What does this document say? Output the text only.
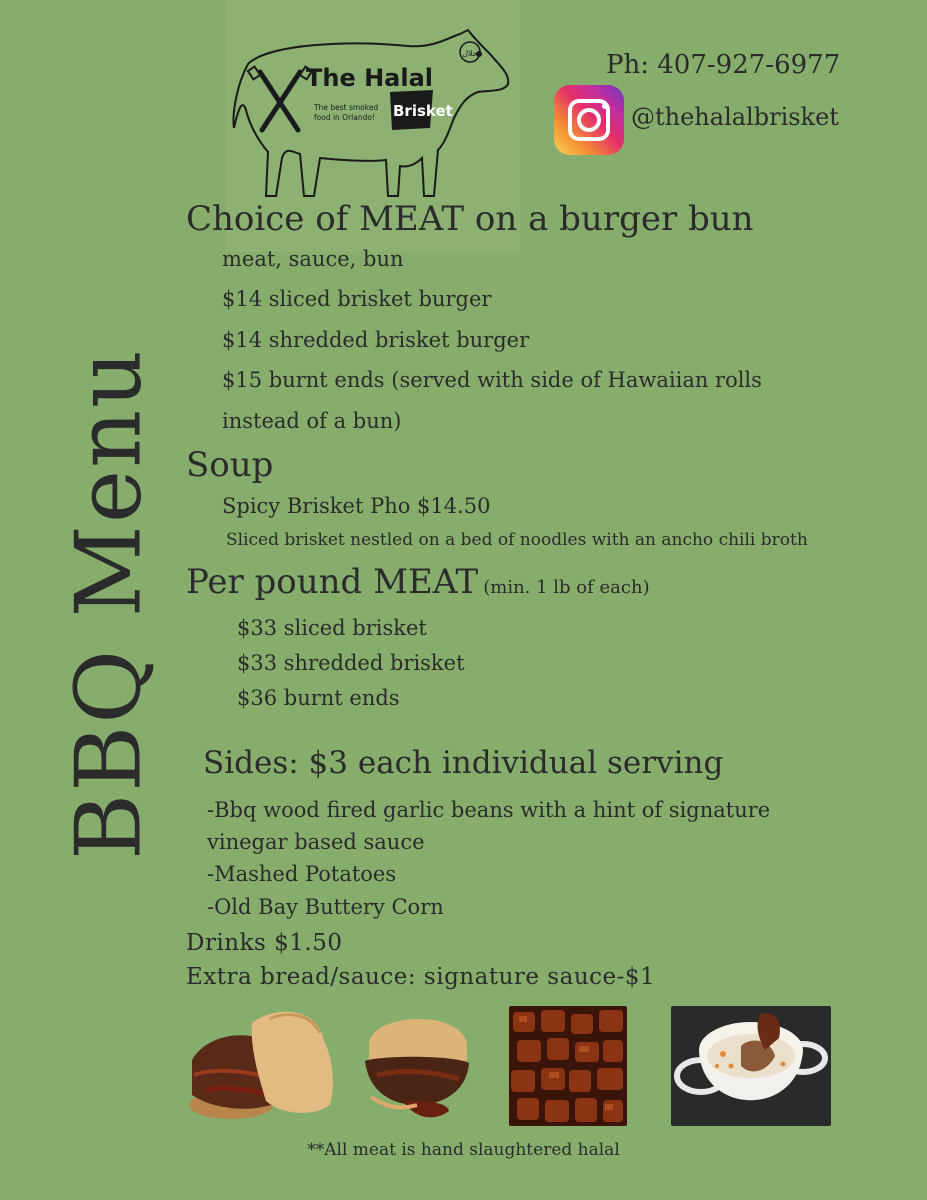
حلال
The Halal
Brisket
The best smoked
food in Orlando!
Ph: 407-927-6977
@thehalalbrisket
BBQ Menu
Choice of MEAT on a burger bun
meat, sauce, bun
$14 sliced brisket burger
$14 shredded brisket burger
$15 burnt ends (served with side of Hawaiian rolls
instead of a bun)
Soup
Spicy Brisket Pho $14.50
Sliced brisket nestled on a bed of noodles with an ancho chili broth
Per pound MEAT (min. 1 lb of each)
$33 sliced brisket
$33 shredded brisket
$36 burnt ends
Sides: $3 each individual serving
-Bbq wood fired garlic beans with a hint of signature
vinegar based sauce
-Mashed Potatoes
-Old Bay Buttery Corn
Drinks $1.50
Extra bread/sauce: signature sauce-$1
**All meat is hand slaughtered halal
